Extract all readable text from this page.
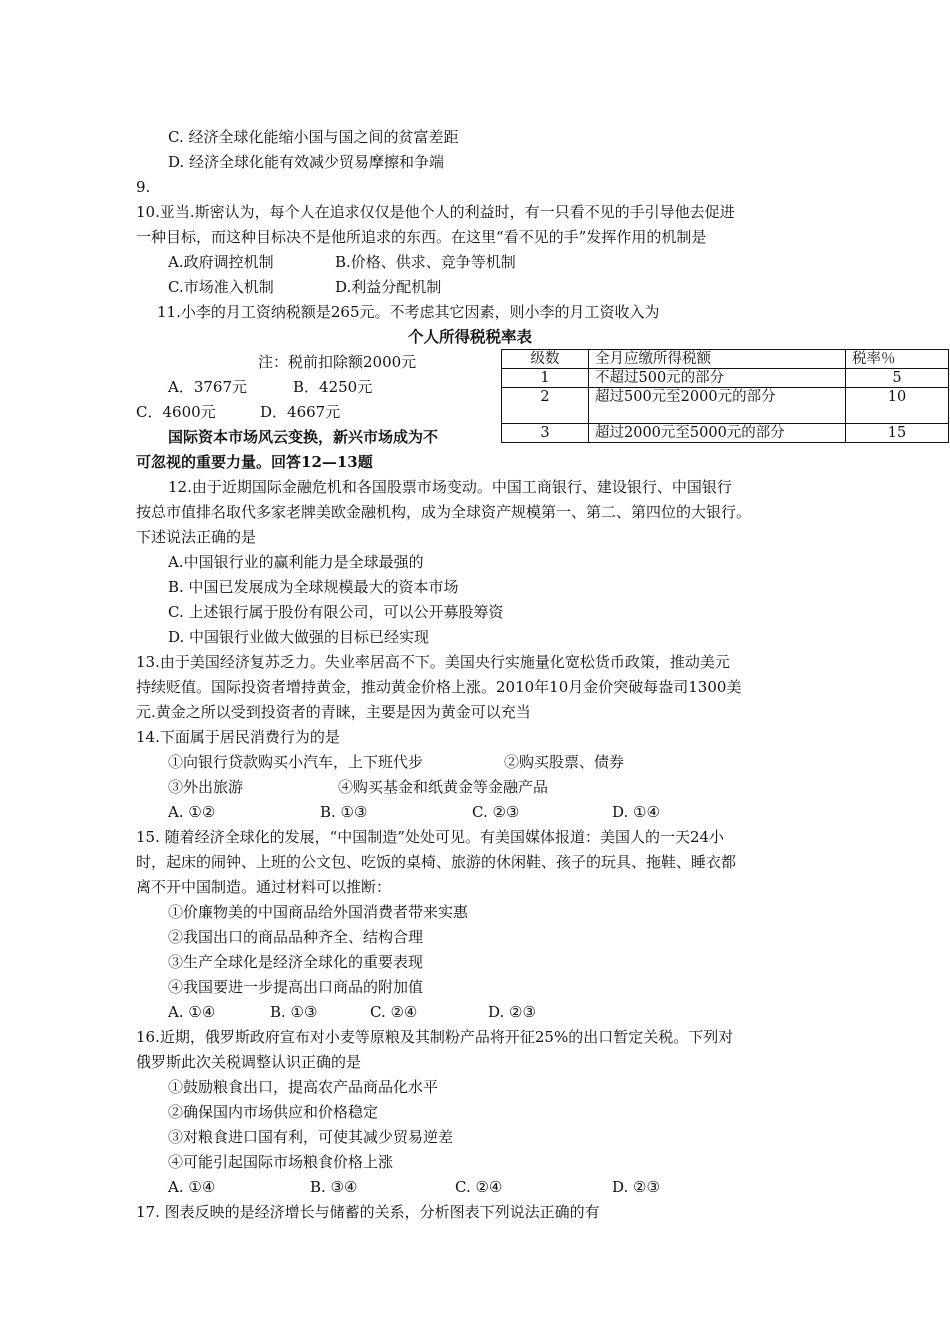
C. 经济全球化能缩小国与国之间的贫富差距
D. 经济全球化能有效减少贸易摩擦和争端
9.
10.亚当.斯密认为，每个人在追求仅仅是他个人的利益时，有一只看不见的手引导他去促进
一种目标，而这种目标决不是他所追求的东西。在这里“看不见的手”发挥作用的机制是
A.政府调控机制	B.价格、供求、竞争等机制
C.市场准入机制	D.利益分配机制
11.小李的月工资纳税额是265元。不考虑其它因素，则小李的月工资收入为
个人所得税税率表
注：税前扣除额2000元
A．3767元	B．4250元
C．4600元	D．4667元
级数	全月应缴所得税额	税率％
1	不超过500元的部分	5
2	超过500元至2000元的部分	10
3	超过2000元至5000元的部分	15
国际资本市场风云变换，新兴市场成为不
可忽视的重要力量。回答12—13题
12.由于近期国际金融危机和各国股票市场变动。中国工商银行、建设银行、中国银行
按总市值排名取代多家老牌美欧金融机构，成为全球资产规模第一、第二、第四位的大银行。
下述说法正确的是
A.中国银行业的赢利能力是全球最强的
B. 中国已发展成为全球规模最大的资本市场
C. 上述银行属于股份有限公司，可以公开募股筹资
D. 中国银行业做大做强的目标已经实现
13.由于美国经济复苏乏力。失业率居高不下。美国央行实施量化宽松货币政策，推动美元
持续贬值。国际投资者增持黄金，推动黄金价格上涨。2010年10月金价突破每盎司1300美
元.黄金之所以受到投资者的青睐，主要是因为黄金可以充当
14.下面属于居民消费行为的是
①向银行贷款购买小汽车，上下班代步	②购买股票、债券
③外出旅游	④购买基金和纸黄金等金融产品
A. ①②	B. ①③	C. ②③	D. ①④
15. 随着经济全球化的发展，“中国制造”处处可见。有美国媒体报道：美国人的一天24小
时，起床的闹钟、上班的公文包、吃饭的桌椅、旅游的休闲鞋、孩子的玩具、拖鞋、睡衣都
离不开中国制造。通过材料可以推断：
①价廉物美的中国商品给外国消费者带来实惠
②我国出口的商品品种齐全、结构合理
③生产全球化是经济全球化的重要表现
④我国要进一步提高出口商品的附加值
A. ①④	B. ①③	C. ②④	D. ②③
16.近期，俄罗斯政府宣布对小麦等原粮及其制粉产品将开征25%的出口暂定关税。下列对
俄罗斯此次关税调整认识正确的是
①鼓励粮食出口，提高农产品商品化水平
②确保国内市场供应和价格稳定
③对粮食进口国有利，可使其减少贸易逆差
④可能引起国际市场粮食价格上涨
A. ①④	B. ③④	C. ②④	D. ②③
17. 图表反映的是经济增长与储蓄的关系，分析图表下列说法正确的有
